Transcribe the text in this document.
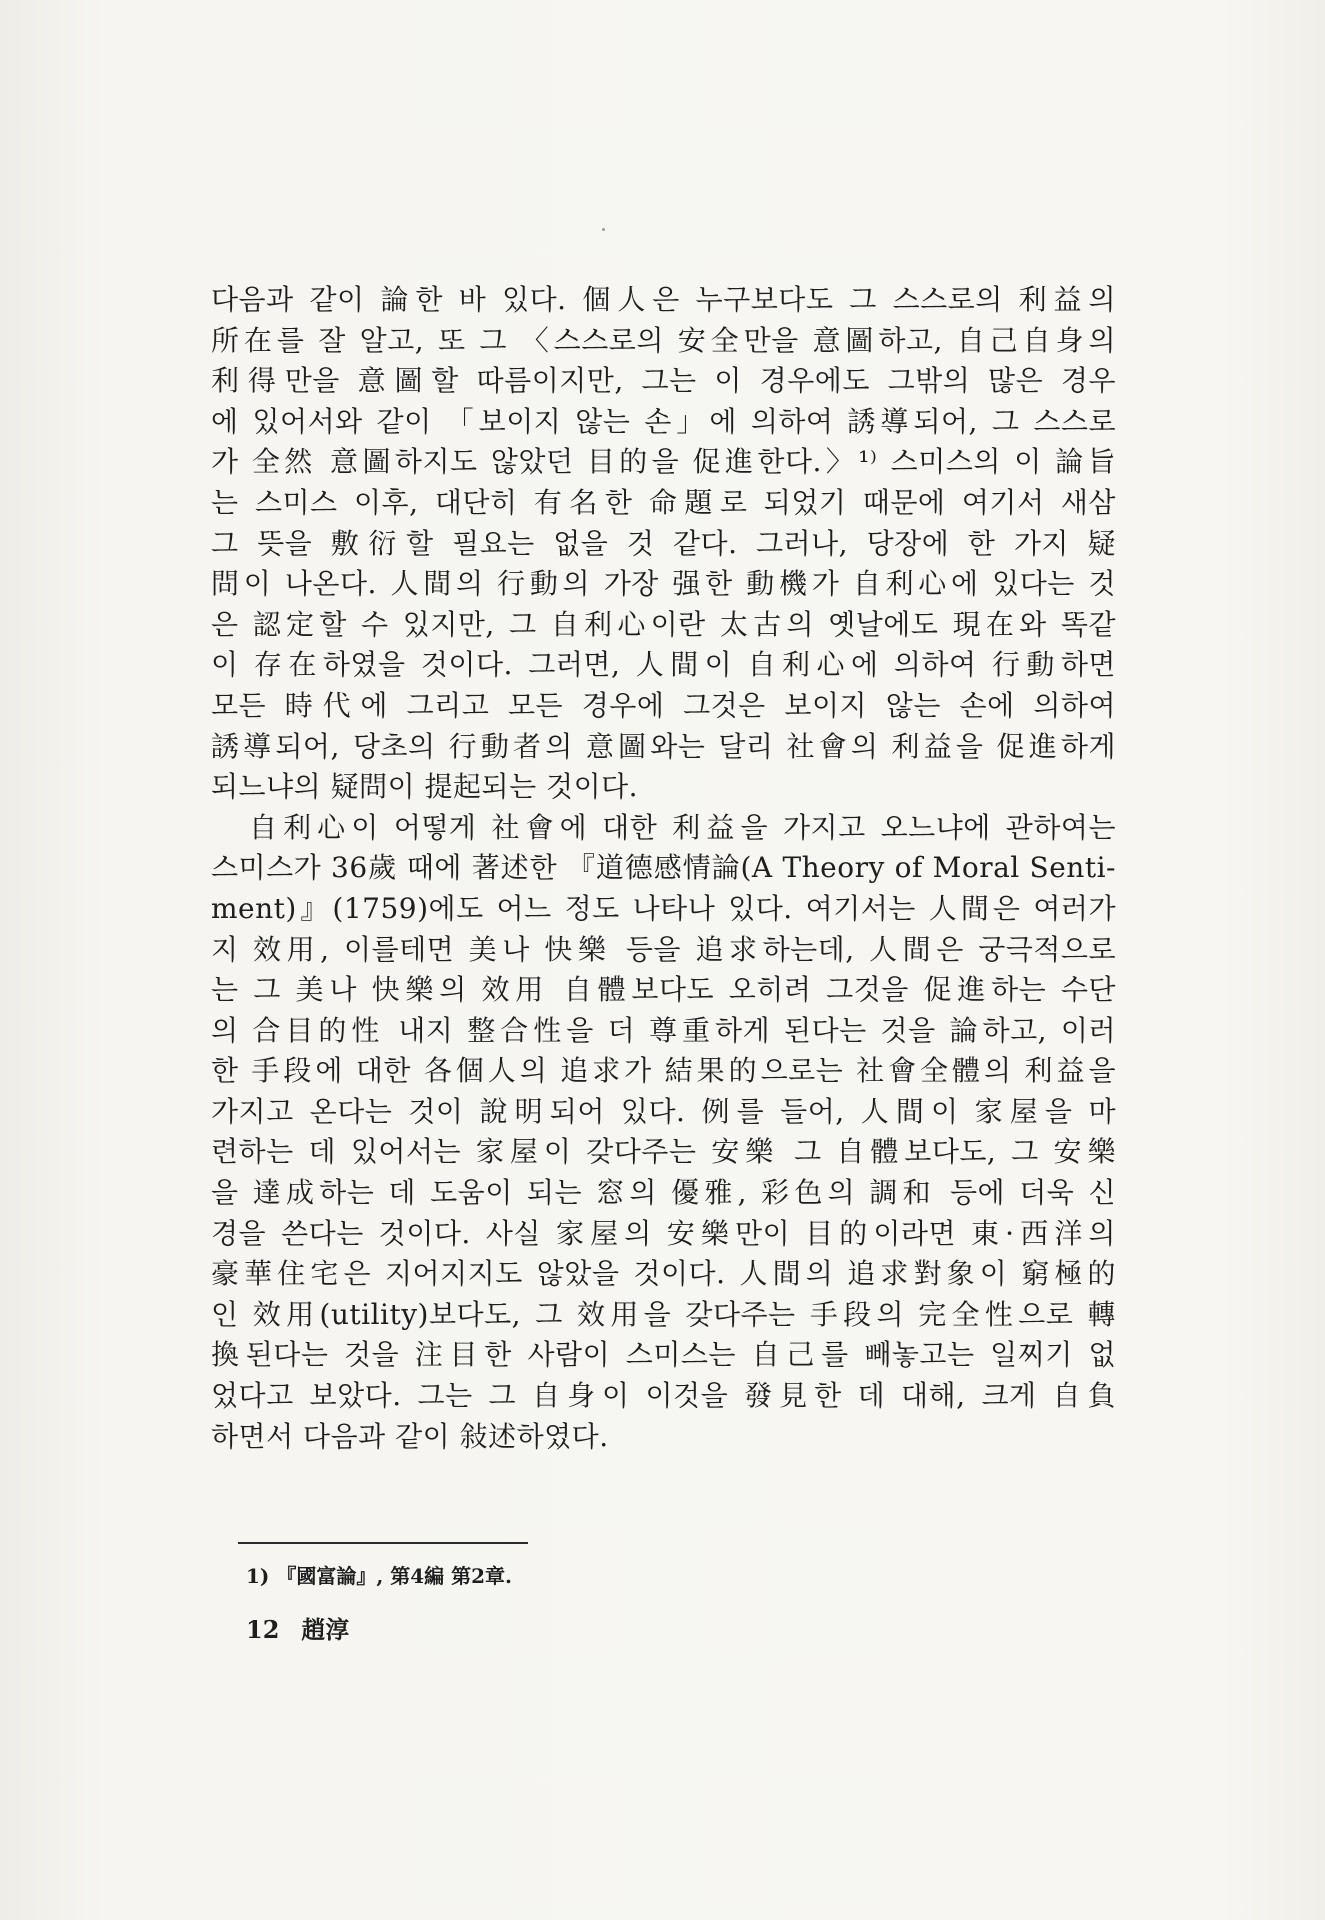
다음과 같이 論한 바 있다. 個人은 누구보다도 그 스스로의 利益의
所在를 잘 알고, 또 그 〈스스로의 安全만을 意圖하고, 自己自身의
利得만을 意圖할 따름이지만, 그는 이 경우에도 그밖의 많은 경우
에 있어서와 같이 「보이지 않는 손」에 의하여 誘導되어, 그 스스로
가 全然 意圖하지도 않았던 目的을 促進한다.〉¹⁾ 스미스의 이 論旨
는 스미스 이후, 대단히 有名한 命題로 되었기 때문에 여기서 새삼
그 뜻을 敷衍할 필요는 없을 것 같다. 그러나, 당장에 한 가지 疑
問이 나온다. 人間의 行動의 가장 强한 動機가 自利心에 있다는 것
은 認定할 수 있지만, 그 自利心이란 太古의 옛날에도 現在와 똑같
이 存在하였을 것이다. 그러면, 人間이 自利心에 의하여 行動하면
모든 時代에 그리고 모든 경우에 그것은 보이지 않는 손에 의하여
誘導되어, 당초의 行動者의 意圖와는 달리 社會의 利益을 促進하게
되느냐의 疑問이 提起되는 것이다.
自利心이 어떻게 社會에 대한 利益을 가지고 오느냐에 관하여는
스미스가 36歲 때에 著述한 『道德感情論(A Theory of Moral Senti-
ment)』(1759)에도 어느 정도 나타나 있다. 여기서는 人間은 여러가
지 效用, 이를테면 美나 快樂 등을 追求하는데, 人間은 궁극적으로
는 그 美나 快樂의 效用 自體보다도 오히려 그것을 促進하는 수단
의 合目的性 내지 整合性을 더 尊重하게 된다는 것을 論하고, 이러
한 手段에 대한 各個人의 追求가 結果的으로는 社會全體의 利益을
가지고 온다는 것이 說明되어 있다. 例를 들어, 人間이 家屋을 마
련하는 데 있어서는 家屋이 갖다주는 安樂 그 自體보다도, 그 安樂
을 達成하는 데 도움이 되는 窓의 優雅, 彩色의 調和 등에 더욱 신
경을 쓴다는 것이다. 사실 家屋의 安樂만이 目的이라면 東·西洋의
豪華住宅은 지어지지도 않았을 것이다. 人間의 追求對象이 窮極的
인 效用(utility)보다도, 그 效用을 갖다주는 手段의 完全性으로 轉
換된다는 것을 注目한 사람이 스미스는 自己를 빼놓고는 일찌기 없
었다고 보았다. 그는 그 自身이 이것을 發見한 데 대해, 크게 自負
하면서 다음과 같이 敍述하였다.
1) 『國富論』, 第4編 第2章.
12 趙淳
